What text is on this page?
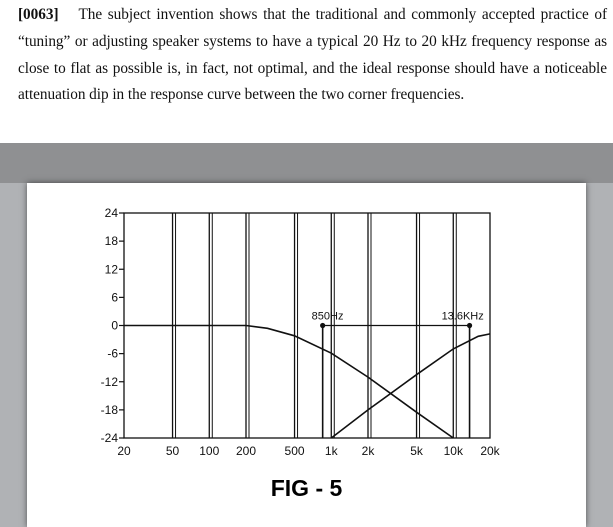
[0063] The subject invention shows that the traditional and commonly accepted practice of “tuning” or adjusting speaker systems to have a typical 20 Hz to 20 kHz frequency response as close to flat as possible is, in fact, not optimal, and the ideal response should have a noticeable attenuation dip in the response curve between the two corner frequencies.

20	50 100 200 500 1k 2k	5k 10k 20k
24
18
12
6
0
-6
-12
-18
-24
850Hz	13.6KHz
FIG - 5
